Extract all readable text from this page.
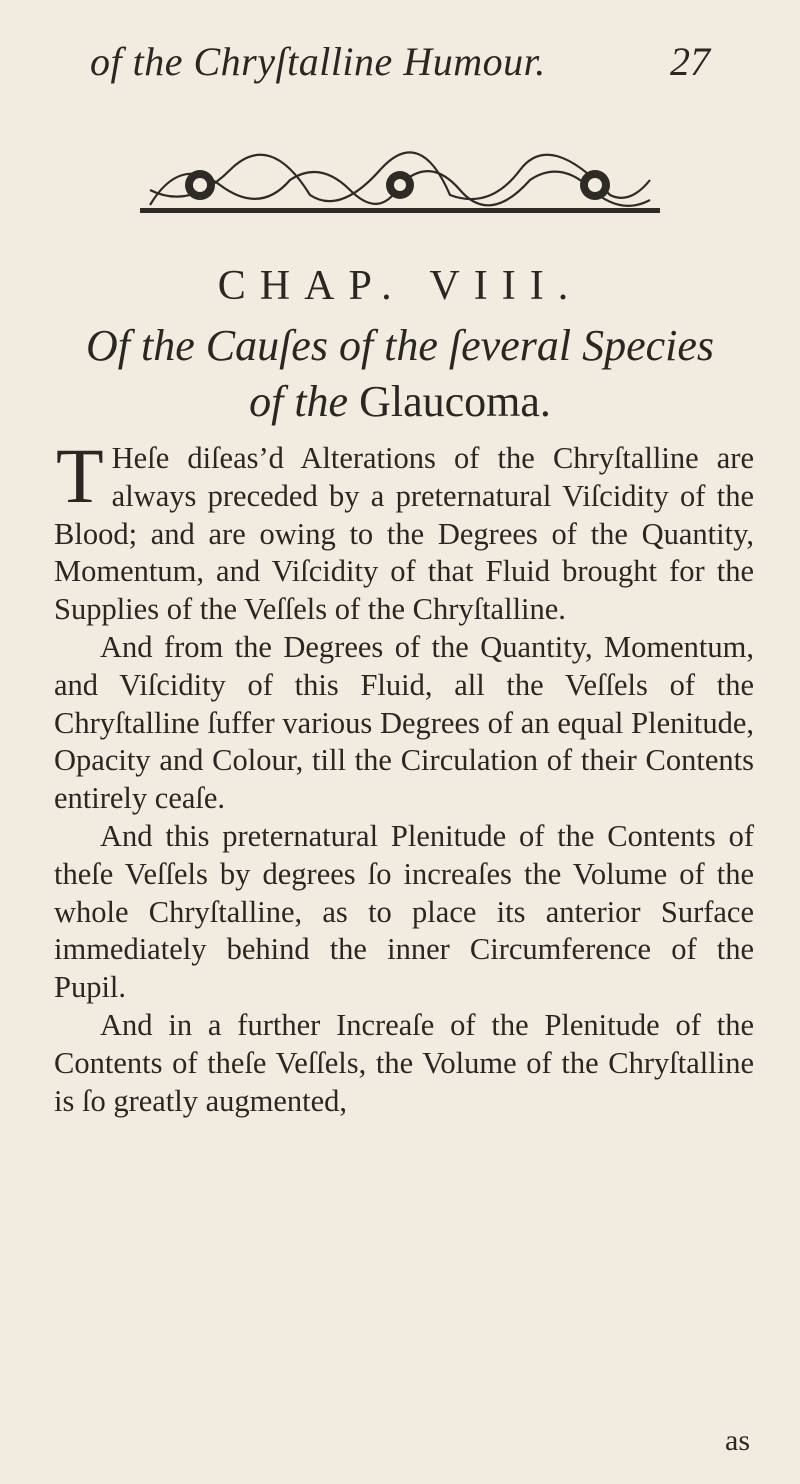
of the Chryſtalline Humour.	27
CHAP. VIII.
Of the Cauſes of the ſeveral Species
of the Glaucoma.

T Heſe diſeas’d Alterations of the Chryſtalline are always preceded by a preternatural Viſcidity of the Blood; and are owing to the Degrees of the Quantity, Momentum, and Viſcidity of that Fluid brought for the Supplies of the Veſſels of the Chryſtalline.

And from the Degrees of the Quantity, Momentum, and Viſcidity of this Fluid, all the Veſſels of the Chryſtalline ſuffer various Degrees of an equal Plenitude, Opacity and Colour, till the Circulation of their Contents entirely ceaſe.

And this preternatural Plenitude of the Contents of theſe Veſſels by degrees ſo increaſes the Volume of the whole Chryſtalline, as to place its anterior Surface immediately behind the inner Circumference of the Pupil.

And in a further Increaſe of the Plenitude of the Contents of theſe Veſſels, the Volume of the Chryſtalline is ſo greatly augmented,

as
